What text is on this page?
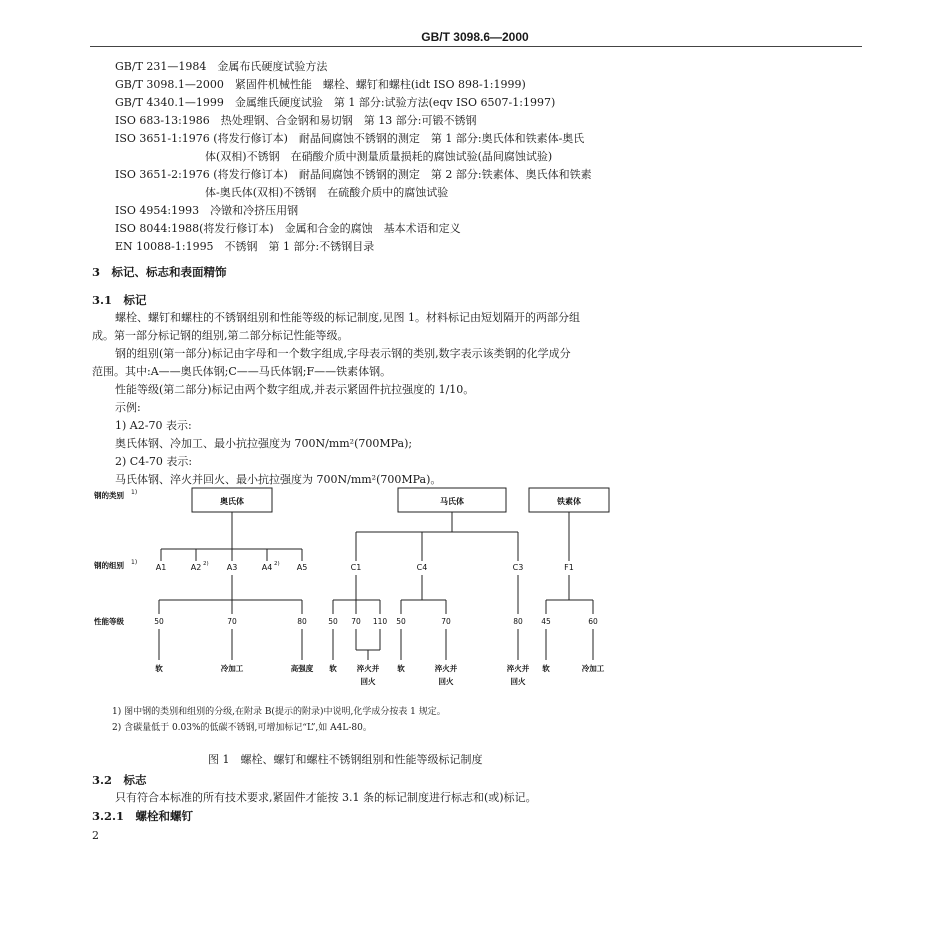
GB/T 3098.6—2000
GB/T 231—1984　金属布氏硬度试验方法
GB/T 3098.1—2000　紧固件机械性能　螺栓、螺钉和螺柱(idt ISO 898-1:1999)
GB/T 4340.1—1999　金属维氏硬度试验　第 1 部分:试验方法(eqv ISO 6507-1:1997)
ISO 683-13:1986　热处理钢、合金钢和易切钢　第 13 部分:可锻不锈钢
ISO 3651-1:1976 (将发行修订本)　耐晶间腐蚀不锈钢的测定　第 1 部分:奥氏体和铁素体-奥氏
体(双相)不锈钢　在硝酸介质中测量质量损耗的腐蚀试验(晶间腐蚀试验)
ISO 3651-2:1976 (将发行修订本)　耐晶间腐蚀不锈钢的测定　第 2 部分:铁素体、奥氏体和铁素
体-奥氏体(双相)不锈钢　在硫酸介质中的腐蚀试验
ISO 4954:1993　冷镦和冷挤压用钢
ISO 8044:1988(将发行修订本)　金属和合金的腐蚀　基本术语和定义
EN 10088-1:1995　不锈钢　第 1 部分:不锈钢目录
3　标记、标志和表面精饰
3.1　标记
螺栓、螺钉和螺柱的不锈钢组别和性能等级的标记制度,见图 1。材料标记由短划隔开的两部分组
成。第一部分标记钢的组别,第二部分标记性能等级。
钢的组别(第一部分)标记由字母和一个数字组成,字母表示钢的类别,数字表示该类钢的化学成分
范围。其中:A——奥氏体钢;C——马氏体钢;F——铁素体钢。
性能等级(第二部分)标记由两个数字组成,并表示紧固件抗拉强度的 1/10。
示例:
1) A2-70 表示:
奥氏体钢、冷加工、最小抗拉强度为 700N/mm²(700MPa);
2) C4-70 表示:
马氏体钢、淬火并回火、最小抗拉强度为 700N/mm²(700MPa)。
钢的类别 1)
钢的组别 1)
性能等级
奥氏体	马氏体	铁素体
A1	A2 2) A3	A4 2) A5
50	70	80
软	冷加工	高强度
C1	C4	C3
50 70 110
软	淬火并
回火
50	70
软	淬火并
回火
80
淬火并
回火
F1
45	60
软	冷加工
1) 图中钢的类别和组别的分级,在附录 B(提示的附录)中说明,化学成分按表 1 规定。
2) 含碳量低于 0.03%的低碳不锈钢,可增加标记“L”,如 A4L-80。
图 1　螺栓、螺钉和螺柱不锈钢组别和性能等级标记制度
3.2　标志
只有符合本标准的所有技术要求,紧固件才能按 3.1 条的标记制度进行标志和(或)标记。
3.2.1　螺栓和螺钉
2
